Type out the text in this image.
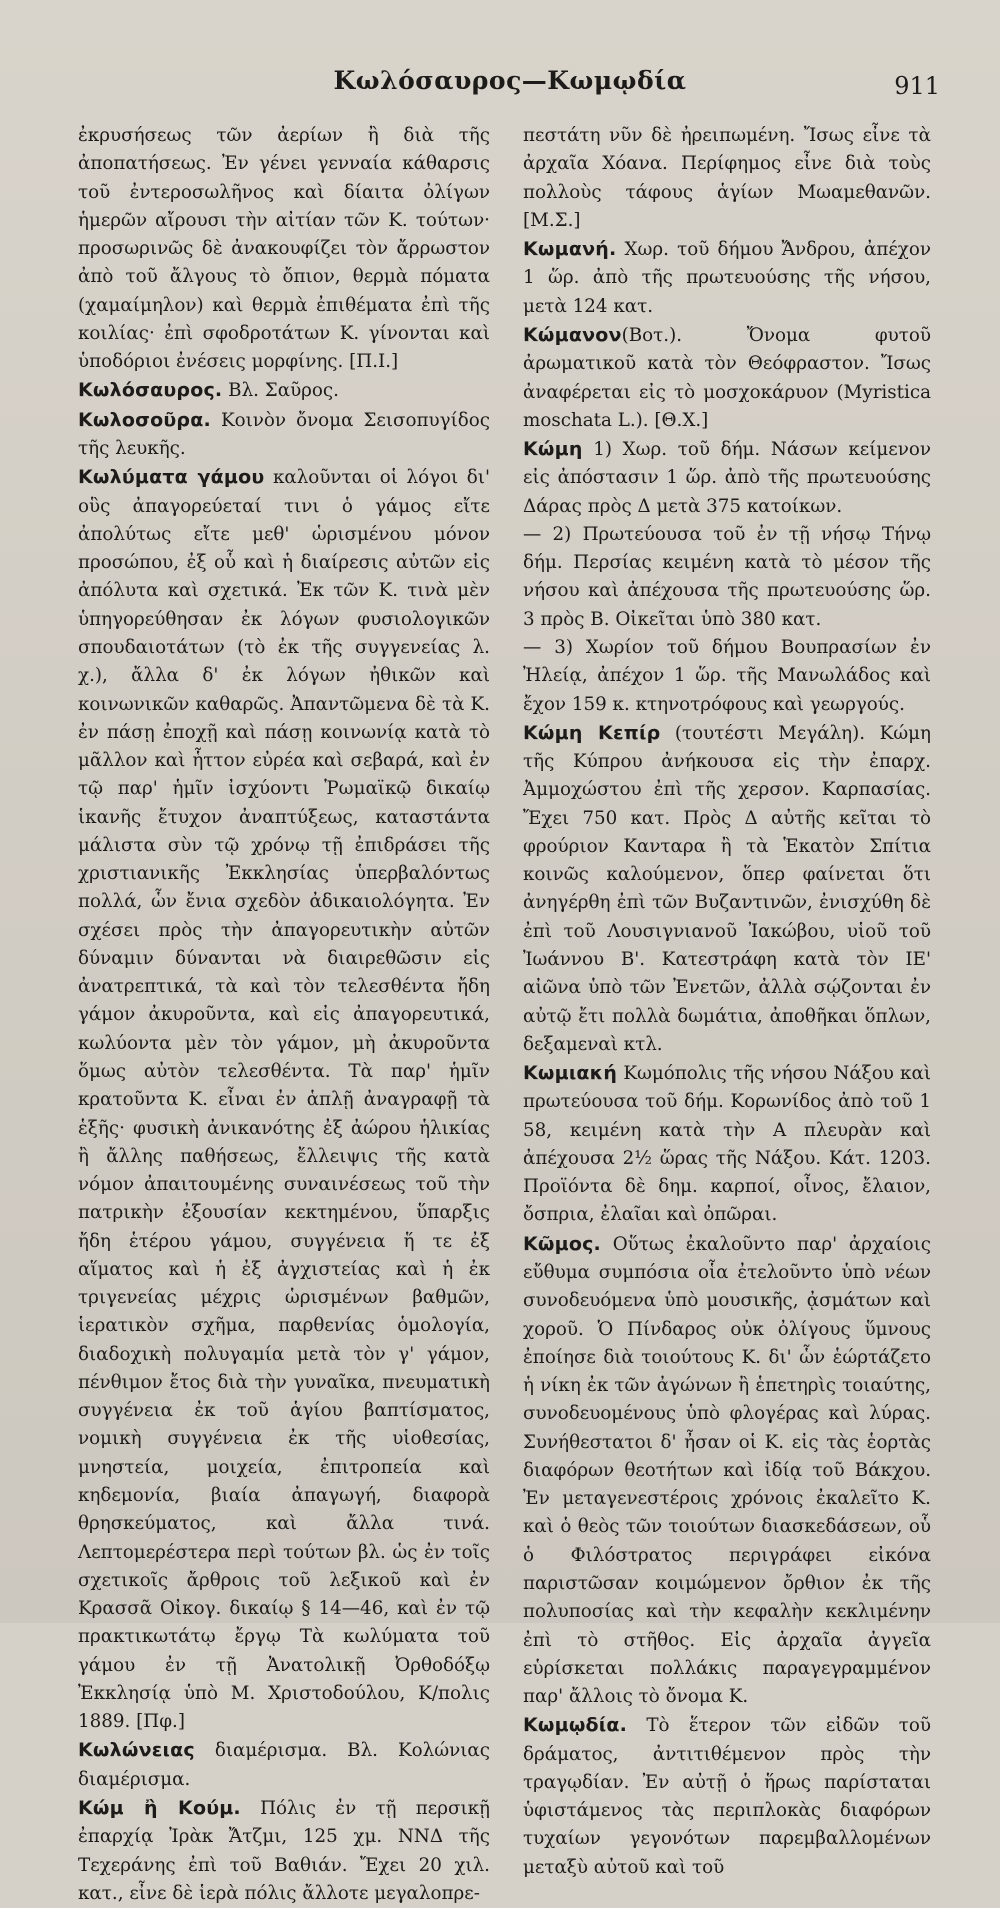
Κωλόσαυρος—Κωμῳδία	911

ἐκρυσήσεως τῶν ἀερίων ἢ διὰ τῆς ἀποπατήσεως. Ἐν γένει γενναία κάθαρσις τοῦ ἐντεροσωλῆνος καὶ δίαιτα ὀλίγων ἡμερῶν αἴρουσι τὴν αἰτίαν τῶν Κ. τούτων· προσωρινῶς δὲ ἀνακουφίζει τὸν ἄρρωστον ἀπὸ τοῦ ἄλγους τὸ ὄπιον, θερμὰ πόματα (χαμαίμηλον) καὶ θερμὰ ἐπιθέματα ἐπὶ τῆς κοιλίας· ἐπὶ σφοδροτάτων Κ. γίνονται καὶ ὑποδόριοι ἐνέσεις μορφίνης. [Π.Ι.]

Κωλόσαυρος. Βλ. Σαῦρος.

Κωλοσοῦρα. Κοινὸν ὄνομα Σεισοπυγίδος τῆς λευκῆς.

Κωλύματα γάμου καλοῦνται οἱ λόγοι δι' οὓς ἀπαγορεύεταί τινι ὁ γάμος εἴτε ἀπολύτως εἴτε μεθ' ὡρισμένου μόνον προσώπου, ἐξ οὗ καὶ ἡ διαίρεσις αὐτῶν εἰς ἀπόλυτα καὶ σχετικά. Ἐκ τῶν Κ. τινὰ μὲν ὑπηγορεύθησαν ἐκ λόγων φυσιολογικῶν σπουδαιοτάτων (τὸ ἐκ τῆς συγγενείας λ. χ.), ἄλλα δ' ἐκ λόγων ἠθικῶν καὶ κοινωνικῶν καθαρῶς. Ἀπαντῶμενα δὲ τὰ Κ. ἐν πάσῃ ἐποχῇ καὶ πάσῃ κοινωνίᾳ κατὰ τὸ μᾶλλον καὶ ἧττον εὐρέα καὶ σεβαρά, καὶ ἐν τῷ παρ' ἡμῖν ἰσχύοντι Ῥωμαϊκῷ δικαίῳ ἱκανῆς ἔτυχον ἀναπτύξεως, καταστάντα μάλιστα σὺν τῷ χρόνῳ τῇ ἐπιδράσει τῆς χριστιανικῆς Ἐκκλησίας ὑπερβαλόντως πολλά, ὧν ἔνια σχεδὸν ἀδικαιολόγητα. Ἐν σχέσει πρὸς τὴν ἀπαγορευτικὴν αὐτῶν δύναμιν δύνανται νὰ διαιρεθῶσιν εἰς ἀνατρεπτικά, τὰ καὶ τὸν τελεσθέντα ἤδη γάμον ἀκυροῦντα, καὶ εἰς ἀπαγορευτικά, κωλύοντα μὲν τὸν γάμον, μὴ ἀκυροῦντα ὅμως αὐτὸν τελεσθέντα. Τὰ παρ' ἡμῖν κρατοῦντα Κ. εἶναι ἐν ἁπλῇ ἀναγραφῇ τὰ ἑξῆς· φυσικὴ ἀνικανότης ἐξ ἀώρου ἡλικίας ἢ ἄλλης παθήσεως, ἔλλειψις τῆς κατὰ νόμον ἀπαιτουμένης συναινέσεως τοῦ τὴν πατρικὴν ἐξουσίαν κεκτημένου, ὕπαρξις ἤδη ἑτέρου γάμου, συγγένεια ἥ τε ἐξ αἵματος καὶ ἡ ἐξ ἀγχιστείας καὶ ἡ ἐκ τριγενείας μέχρις ὡρισμένων βαθμῶν, ἱερατικὸν σχῆμα, παρθενίας ὁμολογία, διαδοχικὴ πολυγαμία μετὰ τὸν γ' γάμον, πένθιμον ἔτος διὰ τὴν γυναῖκα, πνευματικὴ συγγένεια ἐκ τοῦ ἁγίου βαπτίσματος, νομικὴ συγγένεια ἐκ τῆς υἱοθεσίας, μνηστεία, μοιχεία, ἐπιτροπεία καὶ κηδεμονία, βιαία ἀπαγωγή, διαφορὰ θρησκεύματος, καὶ ἄλλα τινά. Λεπτομερέστερα περὶ τούτων βλ. ὡς ἐν τοῖς σχετικοῖς ἄρθροις τοῦ λεξικοῦ καὶ ἐν Κρασσᾶ Οἰκογ. δικαίῳ § 14—46, καὶ ἐν τῷ πρακτικωτάτῳ ἔργῳ Τὰ κωλύματα τοῦ γάμου ἐν τῇ Ἀνατολικῇ Ὀρθοδόξῳ Ἐκκλησίᾳ ὑπὸ Μ. Χριστοδούλου, Κ/πολις 1889. [Πφ.]

Κωλώνειας διαμέρισμα. Βλ. Κολώνιας διαμέρισμα.

Κώμ ἢ Κούμ. Πόλις ἐν τῇ περσικῇ ἐπαρχίᾳ Ἰρὰκ Ἄτζμι, 125 χμ. ΝΝΔ τῆς Τεχεράνης ἐπὶ τοῦ Βαθιάν. Ἔχει 20 χιλ. κατ., εἶνε δὲ ἱερὰ πόλις ἄλλοτε μεγαλοπρε-

πεστάτη νῦν δὲ ἠρειπωμένη. Ἴσως εἶνε τὰ ἀρχαῖα Χόανα. Περίφημος εἶνε διὰ τοὺς πολλοὺς τάφους ἁγίων Μωαμεθανῶν. [Μ.Σ.]

Κωμανή. Χωρ. τοῦ δήμου Ἄνδρου, ἀπέχον 1 ὥρ. ἀπὸ τῆς πρωτευούσης τῆς νήσου, μετὰ 124 κατ.

Κώμανον(Βοτ.). Ὄνομα φυτοῦ ἀρωματικοῦ κατὰ τὸν Θεόφραστον. Ἴσως ἀναφέρεται εἰς τὸ μοσχοκάρυον (Myristica moschata L.). [Θ.Χ.]

Κώμη 1) Χωρ. τοῦ δήμ. Νάσων κείμενον εἰς ἀπόστασιν 1 ὥρ. ἀπὸ τῆς πρωτευούσης Δάρας πρὸς Δ μετὰ 375 κατοίκων.

— 2) Πρωτεύουσα τοῦ ἐν τῇ νήσῳ Τήνῳ δήμ. Περσίας κειμένη κατὰ τὸ μέσον τῆς νήσου καὶ ἀπέχουσα τῆς πρωτευούσης ὥρ. 3 πρὸς Β. Οἰκεῖται ὑπὸ 380 κατ.

— 3) Χωρίον τοῦ δήμου Βουπρασίων ἐν Ἠλείᾳ, ἀπέχον 1 ὥρ. τῆς Μανωλάδος καὶ ἔχον 159 κ. κτηνοτρόφους καὶ γεωργούς.

Κώμη Κεπίρ (τουτέστι Μεγάλη). Κώμη τῆς Κύπρου ἀνήκουσα εἰς τὴν ἐπαρχ. Ἀμμοχώστου ἐπὶ τῆς χερσον. Καρπασίας. Ἔχει 750 κατ. Πρὸς Δ αὐτῆς κεῖται τὸ φρούριον Κανταρα ἢ τὰ Ἑκατὸν Σπίτια κοινῶς καλούμενον, ὅπερ φαίνεται ὅτι ἀνηγέρθη ἐπὶ τῶν Βυζαντινῶν, ἐνισχύθη δὲ ἐπὶ τοῦ Λουσιγνιανοῦ Ἰακώβου, υἱοῦ τοῦ Ἰωάννου Β'. Κατεστράφη κατὰ τὸν ΙΕ' αἰῶνα ὑπὸ τῶν Ἐνετῶν, ἀλλὰ σῴζονται ἐν αὐτῷ ἔτι πολλὰ δωμάτια, ἀποθῆκαι ὅπλων, δεξαμεναὶ κτλ.

Κωμιακή Κωμόπολις τῆς νήσου Νάξου καὶ πρωτεύουσα τοῦ δήμ. Κορωνίδος ἀπὸ τοῦ 1 58, κειμένη κατὰ τὴν Α πλευρὰν καὶ ἀπέχουσα 2½ ὥρας τῆς Νάξου. Κάτ. 1203. Προϊόντα δὲ δημ. καρποί, οἶνος, ἔλαιον, ὄσπρια, ἐλαῖαι καὶ ὀπῶραι.

Κῶμος. Οὕτως ἐκαλοῦντο παρ' ἀρχαίοις εὔθυμα συμπόσια οἷα ἐτελοῦντο ὑπὸ νέων συνοδευόμενα ὑπὸ μουσικῆς, ᾀσμάτων καὶ χοροῦ. Ὁ Πίνδαρος οὐκ ὀλίγους ὕμνους ἐποίησε διὰ τοιούτους Κ. δι' ὧν ἑώρτάζετο ἡ νίκη ἐκ τῶν ἀγώνων ἢ ἑπετηρὶς τοιαύτης, συνοδευομένους ὑπὸ φλογέρας καὶ λύρας. Συνήθεστατοι δ' ἦσαν οἱ Κ. εἰς τὰς ἑορτὰς διαφόρων θεοτήτων καὶ ἰδίᾳ τοῦ Βάκχου. Ἐν μεταγενεστέροις χρόνοις ἐκαλεῖτο Κ. καὶ ὁ θεὸς τῶν τοιούτων διασκεδάσεων, οὗ ὁ Φιλόστρατος περιγράφει εἰκόνα παριστῶσαν κοιμώμενον ὄρθιον ἐκ τῆς πολυποσίας καὶ τὴν κεφαλὴν κεκλιμένην ἐπὶ τὸ στῆθος. Εἰς ἀρχαῖα ἀγγεῖα εὑρίσκεται πολλάκις παραγεγραμμένον παρ' ἄλλοις τὸ ὄνομα Κ.

Κωμῳδία. Τὸ ἕτερον τῶν εἰδῶν τοῦ δράματος, ἀντιτιθέμενον πρὸς τὴν τραγῳδίαν. Ἐν αὐτῇ ὁ ἥρως παρίσταται ὑφιστάμενος τὰς περιπλοκὰς διαφόρων τυχαίων γεγονότων παρεμβαλλομένων μεταξὺ αὐτοῦ καὶ τοῦ
